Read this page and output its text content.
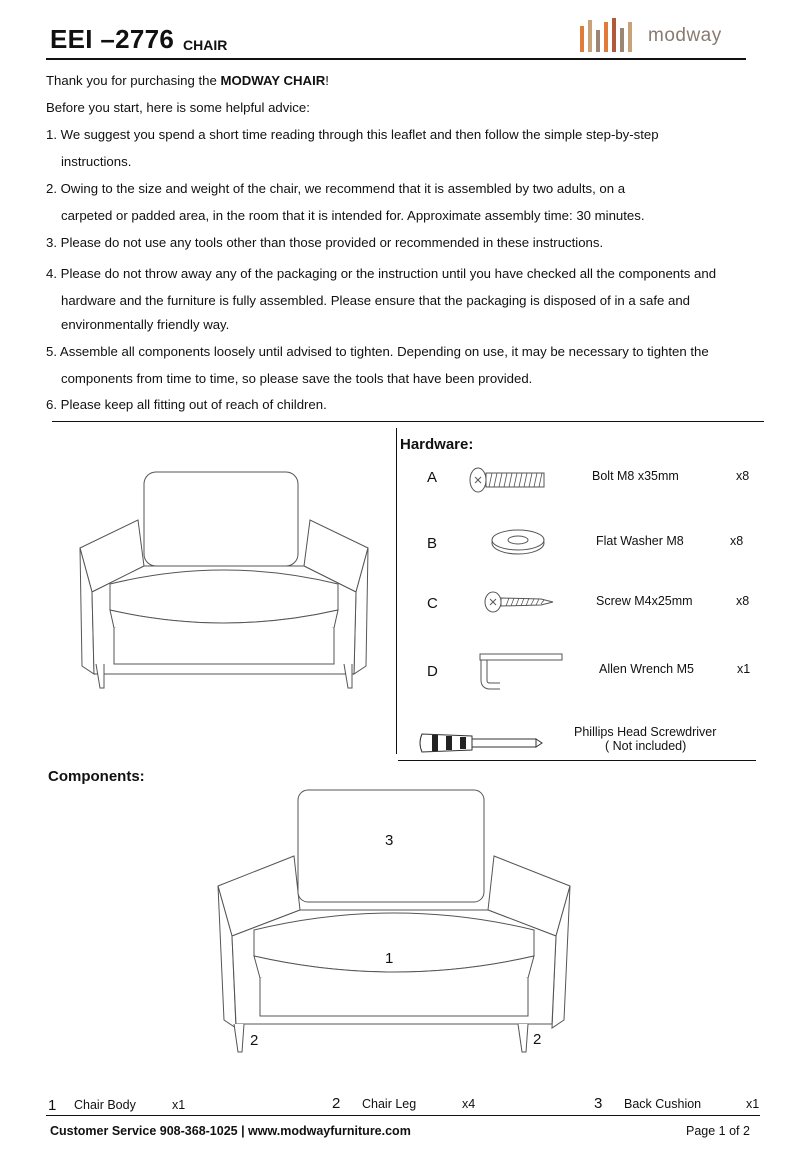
EEI –2776 CHAIR	modway
Thank you for purchasing the MODWAY CHAIR!
Before you start, here is some helpful advice:
1. We suggest you spend a short time reading through this leaflet and then follow the simple step-by-step
instructions.
2. Owing to the size and weight of the chair, we recommend that it is assembled by two adults, on a
carpeted or padded area, in the room that it is intended for. Approximate assembly time: 30 minutes.
3. Please do not use any tools other than those provided or recommended in these instructions.
4. Please do not throw away any of the packaging or the instruction until you have checked all the components and
hardware and the furniture is fully assembled. Please ensure that the packaging is disposed of in a safe and
environmentally friendly way.
5. Assemble all components loosely until advised to tighten. Depending on use, it may be necessary to tighten the
components from time to time, so please save the tools that have been provided.
6. Please keep all fitting out of reach of children.
Hardware:
A	Bolt M8 x35mm	x8
B	Flat Washer M8	x8
C	Screw M4x25mm	x8
D	Allen Wrench M5	x1
Phillips Head Screwdriver
( Not included)
Components:
3
1
2	2
1 Chair Body	x1	2 Chair Leg	x4	3 Back Cushion	x1
Customer Service 908-368-1025 | www.modwayfurniture.com	Page 1 of 2
